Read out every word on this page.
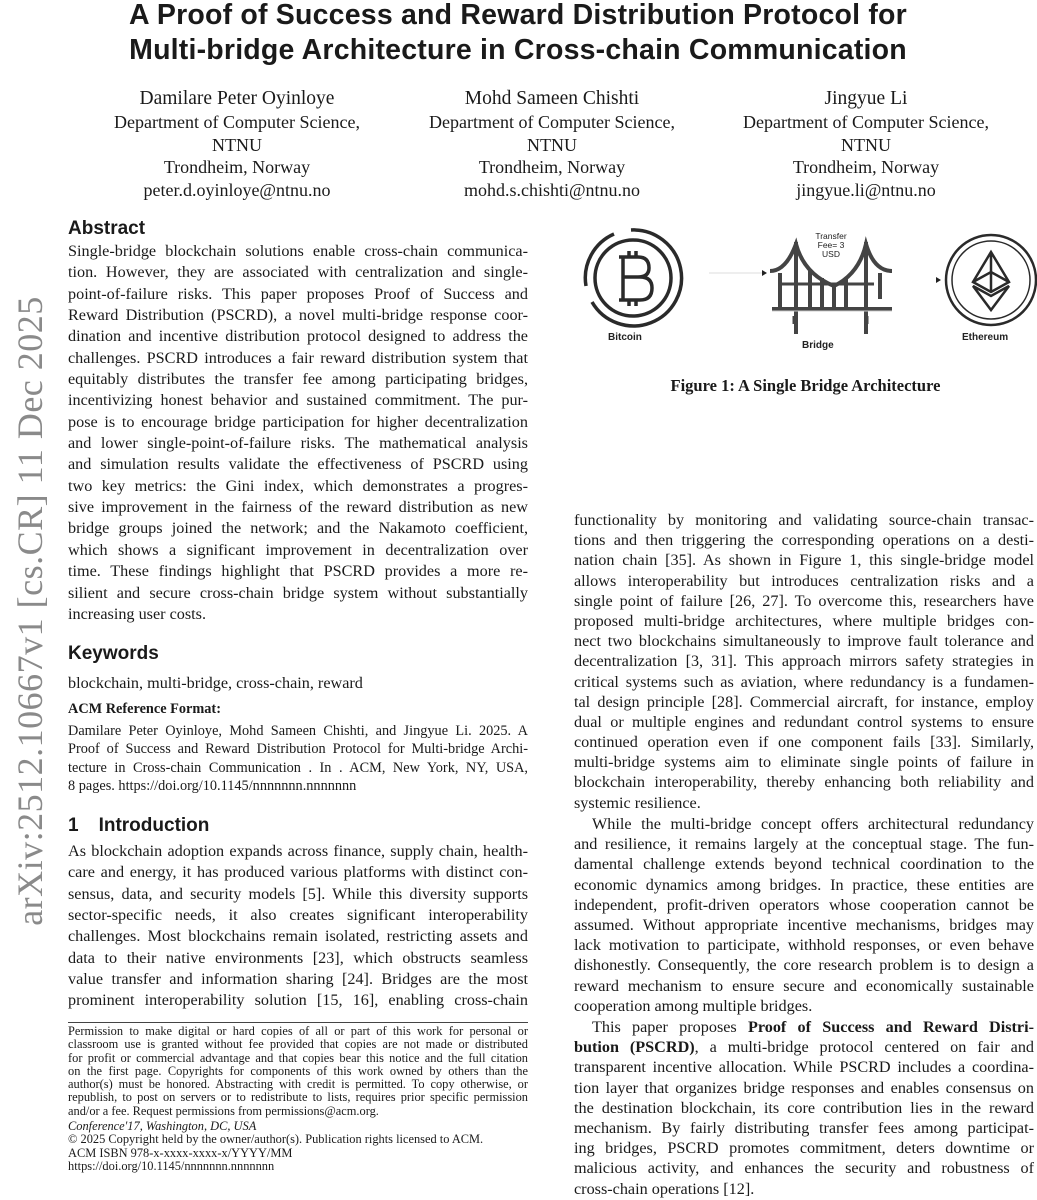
A Proof of Success and Reward Distribution Protocol for
Multi-bridge Architecture in Cross-chain Communication
Damilare Peter Oyinloye
Department of Computer Science,
NTNU
Trondheim, Norway
peter.d.oyinloye@ntnu.no
Mohd Sameen Chishti
Department of Computer Science,
NTNU
Trondheim, Norway
mohd.s.chishti@ntnu.no
Jingyue Li
Department of Computer Science,
NTNU
Trondheim, Norway
jingyue.li@ntnu.no
arXiv:2512.10667v1 [cs.CR] 11 Dec 2025
Abstract
Single-bridge blockchain solutions enable cross-chain communica-
tion. However, they are associated with centralization and single-
point-of-failure risks. This paper proposes Proof of Success and
Reward Distribution (PSCRD), a novel multi-bridge response coor-
dination and incentive distribution protocol designed to address the
challenges. PSCRD introduces a fair reward distribution system that
equitably distributes the transfer fee among participating bridges,
incentivizing honest behavior and sustained commitment. The pur-
pose is to encourage bridge participation for higher decentralization
and lower single-point-of-failure risks. The mathematical analysis
and simulation results validate the effectiveness of PSCRD using
two key metrics: the Gini index, which demonstrates a progres-
sive improvement in the fairness of the reward distribution as new
bridge groups joined the network; and the Nakamoto coefficient,
which shows a significant improvement in decentralization over
time. These findings highlight that PSCRD provides a more re-
silient and secure cross-chain bridge system without substantially
increasing user costs.
Keywords
blockchain, multi-bridge, cross-chain, reward
ACM Reference Format:
Damilare Peter Oyinloye, Mohd Sameen Chishti, and Jingyue Li. 2025. A
Proof of Success and Reward Distribution Protocol for Multi-bridge Archi-
tecture in Cross-chain Communication . In . ACM, New York, NY, USA,
8 pages. https://doi.org/10.1145/nnnnnnn.nnnnnnn
1 Introduction
As blockchain adoption expands across finance, supply chain, health-
care and energy, it has produced various platforms with distinct con-
sensus, data, and security models [5]. While this diversity supports
sector-specific needs, it also creates significant interoperability
challenges. Most blockchains remain isolated, restricting assets and
data to their native environments [23], which obstructs seamless
value transfer and information sharing [24]. Bridges are the most
prominent interoperability solution [15, 16], enabling cross-chain
Permission to make digital or hard copies of all or part of this work for personal or
classroom use is granted without fee provided that copies are not made or distributed
for profit or commercial advantage and that copies bear this notice and the full citation
on the first page. Copyrights for components of this work owned by others than the
author(s) must be honored. Abstracting with credit is permitted. To copy otherwise, or
republish, to post on servers or to redistribute to lists, requires prior specific permission
and/or a fee. Request permissions from permissions@acm.org.
Conference'17, Washington, DC, USA
© 2025 Copyright held by the owner/author(s). Publication rights licensed to ACM.
ACM ISBN 978-x-xxxx-xxxx-x/YYYY/MM
https://doi.org/10.1145/nnnnnnn.nnnnnnn
Transfer
Fee= 3
USD
Bitcoin
Bridge
Ethereum
Figure 1: A Single Bridge Architecture
functionality by monitoring and validating source-chain transac-
tions and then triggering the corresponding operations on a desti-
nation chain [35]. As shown in Figure 1, this single-bridge model
allows interoperability but introduces centralization risks and a
single point of failure [26, 27]. To overcome this, researchers have
proposed multi-bridge architectures, where multiple bridges con-
nect two blockchains simultaneously to improve fault tolerance and
decentralization [3, 31]. This approach mirrors safety strategies in
critical systems such as aviation, where redundancy is a fundamen-
tal design principle [28]. Commercial aircraft, for instance, employ
dual or multiple engines and redundant control systems to ensure
continued operation even if one component fails [33]. Similarly,
multi-bridge systems aim to eliminate single points of failure in
blockchain interoperability, thereby enhancing both reliability and
systemic resilience.
While the multi-bridge concept offers architectural redundancy
and resilience, it remains largely at the conceptual stage. The fun-
damental challenge extends beyond technical coordination to the
economic dynamics among bridges. In practice, these entities are
independent, profit-driven operators whose cooperation cannot be
assumed. Without appropriate incentive mechanisms, bridges may
lack motivation to participate, withhold responses, or even behave
dishonestly. Consequently, the core research problem is to design a
reward mechanism to ensure secure and economically sustainable
cooperation among multiple bridges.
This paper proposes Proof of Success and Reward Distri-
bution (PSCRD), a multi-bridge protocol centered on fair and
transparent incentive allocation. While PSCRD includes a coordina-
tion layer that organizes bridge responses and enables consensus on
the destination blockchain, its core contribution lies in the reward
mechanism. By fairly distributing transfer fees among participat-
ing bridges, PSCRD promotes commitment, deters downtime or
malicious activity, and enhances the security and robustness of
cross-chain operations [12].
